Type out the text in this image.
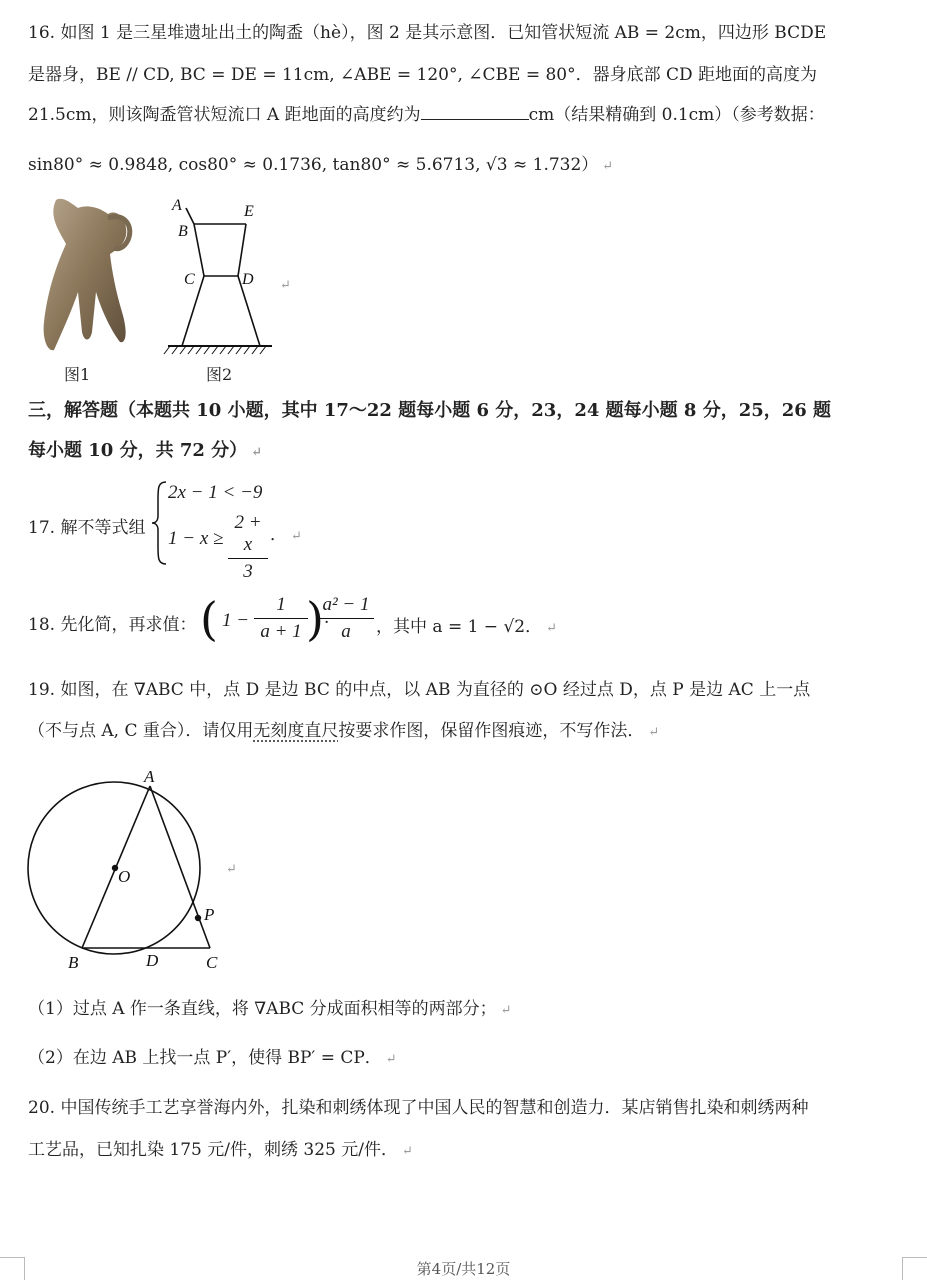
16. 如图 1 是三星堆遗址出土的陶盉（hè），图 2 是其示意图．已知管状短流 AB = 2cm，四边形 BCDE
是器身，BE // CD, BC = DE = 11cm, ∠ABE = 120°, ∠CBE = 80°．器身底部 CD 距地面的高度为
21.5cm，则该陶盉管状短流口 A 距地面的高度约为	cm（结果精确到 0.1cm）（参考数据：
sin80° ≈ 0.9848, cos80° ≈ 0.1736, tan80° ≈ 5.6713, √3 ≈ 1.732） ↵
图1
A
B
E
C	D ↵
图2
三，解答题（本题共 10 小题，其中 17～22 题每小题 6 分，23，24 题每小题 8 分，25，26 题
每小题 10 分，共 72 分） ↵
17. 解不等式组
2x − 1 < −9
$1 - x \ge \frac{2 + x}{3}$ ． ↵
18. 先化简，再求值： ( $1 - \frac{1}{a + 1}$
) ·
$\frac{\text{a² − 1}}{a}$ ，其中 a = 1 − √2． ↵
19. 如图，在 ∇ABC 中，点 D 是边 BC 的中点，以 AB 为直径的 ⊙O 经过点 D，点 P 是边 AC 上一点
（不与点 A, C 重合）．请仅用无刻度直尺按要求作图，保留作图痕迹，不写作法． ↵
A
O
P
B	D	C
↵
（1）过点 A 作一条直线，将 ∇ABC 分成面积相等的两部分； ↵
（2）在边 AB 上找一点 P′，使得 BP′ = CP． ↵
20. 中国传统手工艺享誉海内外，扎染和刺绣体现了中国人民的智慧和创造力．某店销售扎染和刺绣两种
工艺品，已知扎染 175 元/件，刺绣 325 元/件． ↵
第4页/共12页
